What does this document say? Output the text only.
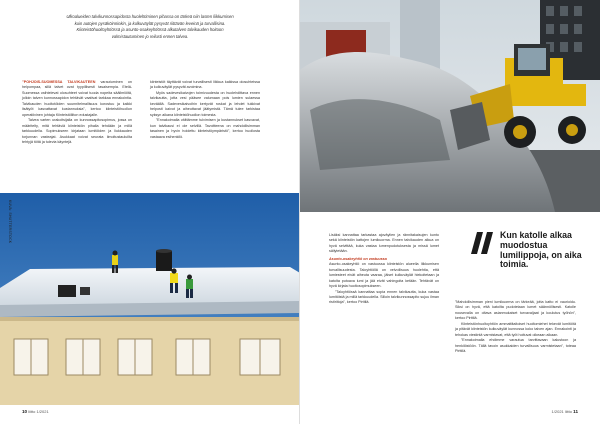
Ulkoalueiden talvikunnossapidosta huolehtiminen pihassa on tärkeä niin lasten liikkumisen kuin autojen pysäköinninkin, ja kulkuväylät pysyvät riittävän leveinä ja turvallisina. Kiinteistöhuoltoyhtiössä ja asunto-osakeyhtiössä alkutalven talvikauden hoitoon valmistautuminen jo reilusti ennen talvea.

"POHJOIS-SUOMESSA TALVIKAUTEEN varautuminen on helpompaa, sillä talvet ovat tyypillisesti tasaisempia. Etelä-Suomessa vaihtelevat olosuhteet voivat tuoda nopeita sääilmiöitä, jolloin talven kunnossapidon tehtävät vaativat tarkkaa ennakointia. Talvikauden huoltotöiden suunnitelmallisuus korostuu ja kaikki lisätyöt kasvattavat kustannuksia", kertoo kiinteistöhuollon operatiivinen johtaja Kiinteistöliiton edustajalle.

Talvea varten urakoitsijalla on kunnossapitosopimus, jossa on määritelty, mitä tehtäviä kiinteistön pihalla tehdään ja millä tarkkuudella. Sopimukseen kirjataan lumitöiden ja liukkauden torjunnan vasteajat. Asukkaat voivat seurata ilmoitustauluilta tehtyjä töitä ja tulevia käyntejä.

kiinteistöt täyttävät voivat turvallisesti liikkua kaikissa olosuhteissa ja kulkuväylät pysyvät avoimina.

Myös sadevesikaivojen toimivuudesta on huolehdittava ennen talvikautta, jotta vesi pääsee valumaan pois lumien sulaessa keväällä. Sadevesikaivoihin kertyvät roskat ja lehdet tukkivat helposti kaivot ja aiheuttavat jäätymistä. Tämä tulee tarkistaa syksyn aikana kiinteistöhuollon toimesta.

"Ennakoimalla välttämme tulvimisen ja kustannukset kasvavat, kun talvikausi ei ole selvillä. Tavoitteena on mahdollisimman tasainen ja hyvin hoidettu kiinteistöympäristö", kertoo huollosta vastaava esihenkilö.

KUVA: SHUTTERSTOCK
10 liitto 1/2021

Lisäksi kannattaa tarkastaa ajoväylien ja rännitakaisujen kunto sekä kiinteistön kattojen lumikuorma. Ennen talvikauden alkua on hyvä selvittää, kuka vastaa lumenpudotuksesta ja missä lumet säilytetään.

Asunto-osakeyhtiö on vastuussa

Asunto-osakeyhtiö on vastuussa kiinteistön alueella liikkumisen turvallisuudesta. Taloyhtiöllä on velvollisuus huolehtia, että lumiesteet eivät aiheuta vaaraa, jäiset kulkuväylät hiekoitetaan ja katolta putoava lumi ja jää eivät vahingoita ketään. Tehtävät on hyvä kirjata huoltosopimukseen.

"Taloyhtiössä kannattaa sopia ennen talvikautta, kuka vastaa lumitöistä ja millä tarkkuudella. Silloin talvikunnossapito sujuu ilman ristiriitoja", kertoo Pirttilä.

Kun katolle alkaa muodostua lumilippoja, on aika toimia.

"Mahdollisimman pieni lumikuorma on tärkeää, jotta katto ei vaurioidu. Siksi on hyvä, että katoilta pudotetaan lumet säännöllisesti. Katolle nousevalla on oltava asianmukaiset turvavaljaat ja koulutus työhön", kertoo Pirttilä.

Kiinteistönhuoltoyhtiön ammattitaitoiset huoltomiehet tekevät lumitöitä ja pitävät kiinteistön kulkuväylät kunnossa koko talven ajan. Ennakointi ja tehokas viestintä varmistavat, että työt hoituvat oikeaan aikaan.

"Ennakoimalla ehdimme varautua tarvittavaan kalustoon ja henkilöstöön. Tällä tavoin asukkaiden turvallisuus varmistetaan", toteaa Pirttilä.

1/2021 liitto 11
